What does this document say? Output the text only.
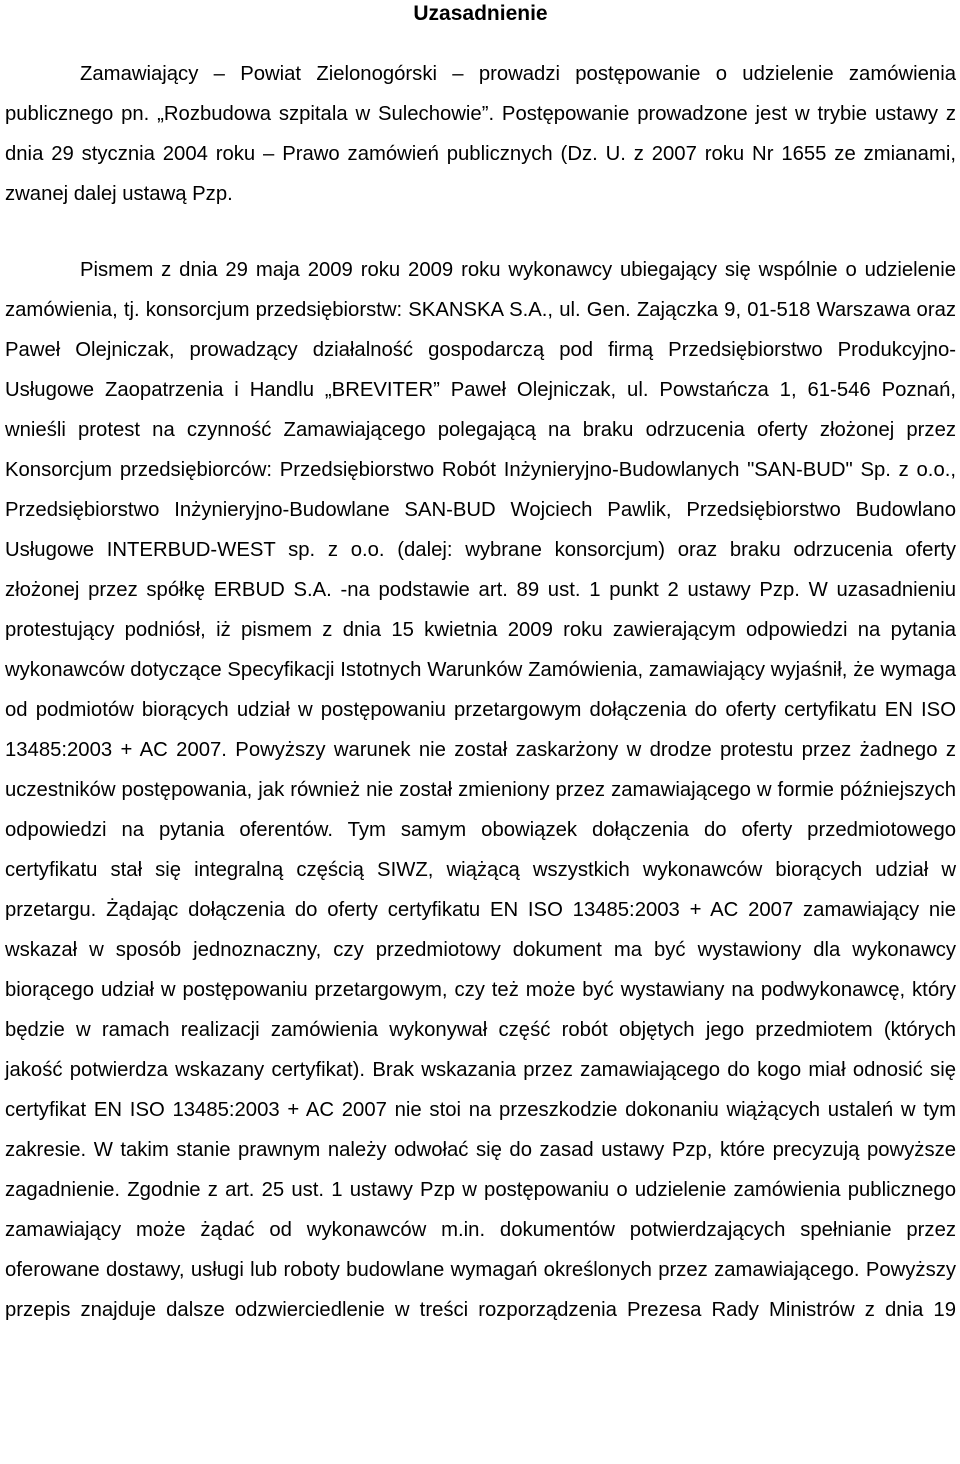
Uzasadnienie

Zamawiający – Powiat Zielonogórski – prowadzi postępowanie o udzielenie zamówienia publicznego pn. „Rozbudowa szpitala w Sulechowie”. Postępowanie prowadzone jest w trybie ustawy z dnia 29 stycznia 2004 roku – Prawo zamówień publicznych (Dz. U. z 2007 roku Nr 1655 ze zmianami, zwanej dalej ustawą Pzp.

Pismem z dnia 29 maja 2009 roku 2009 roku wykonawcy ubiegający się wspólnie o udzielenie zamówienia, tj. konsorcjum przedsiębiorstw: SKANSKA S.A., ul. Gen. Zajączka 9, 01-518 Warszawa oraz Paweł Olejniczak, prowadzący działalność gospodarczą pod firmą Przedsiębiorstwo Produkcyjno-Usługowe Zaopatrzenia i Handlu „BREVITER” Paweł Olejniczak, ul. Powstańcza 1, 61-546 Poznań, wnieśli protest na czynność Zamawiającego polegającą na braku odrzucenia oferty złożonej przez Konsorcjum przedsiębiorców: Przedsiębiorstwo Robót Inżynieryjno-Budowlanych "SAN-BUD" Sp. z o.o., Przedsiębiorstwo Inżynieryjno-Budowlane SAN-BUD Wojciech Pawlik, Przedsiębiorstwo Budowlano Usługowe INTERBUD-WEST sp. z o.o. (dalej: wybrane konsorcjum) oraz braku odrzucenia oferty złożonej przez spółkę ERBUD S.A. -na podstawie art. 89 ust. 1 punkt 2 ustawy Pzp. W uzasadnieniu protestujący podniósł, iż pismem z dnia 15 kwietnia 2009 roku zawierającym odpowiedzi na pytania wykonawców dotyczące Specyfikacji Istotnych Warunków Zamówienia, zamawiający wyjaśnił, że wymaga od podmiotów biorących udział w postępowaniu przetargowym dołączenia do oferty certyfikatu EN ISO 13485:2003 + AC 2007. Powyższy warunek nie został zaskarżony w drodze protestu przez żadnego z uczestników postępowania, jak również nie został zmieniony przez zamawiającego w formie późniejszych odpowiedzi na pytania oferentów. Tym samym obowiązek dołączenia do oferty przedmiotowego certyfikatu stał się integralną częścią SIWZ, wiążącą wszystkich wykonawców biorących udział w przetargu. Żądając dołączenia do oferty certyfikatu EN ISO 13485:2003 + AC 2007 zamawiający nie wskazał w sposób jednoznaczny, czy przedmiotowy dokument ma być wystawiony dla wykonawcy biorącego udział w postępowaniu przetargowym, czy też może być wystawiany na podwykonawcę, który będzie w ramach realizacji zamówienia wykonywał część robót objętych jego przedmiotem (których jakość potwierdza wskazany certyfikat). Brak wskazania przez zamawiającego do kogo miał odnosić się certyfikat EN ISO 13485:2003 + AC 2007 nie stoi na przeszkodzie dokonaniu wiążących ustaleń w tym zakresie. W takim stanie prawnym należy odwołać się do zasad ustawy Pzp, które precyzują powyższe zagadnienie. Zgodnie z art. 25 ust. 1 ustawy Pzp w postępowaniu o udzielenie zamówienia publicznego zamawiający może żądać od wykonawców m.in. dokumentów potwierdzających spełnianie przez oferowane dostawy, usługi lub roboty budowlane wymagań określonych przez zamawiającego. Powyższy przepis znajduje dalsze odzwierciedlenie w treści rozporządzenia Prezesa Rady Ministrów z dnia 19
